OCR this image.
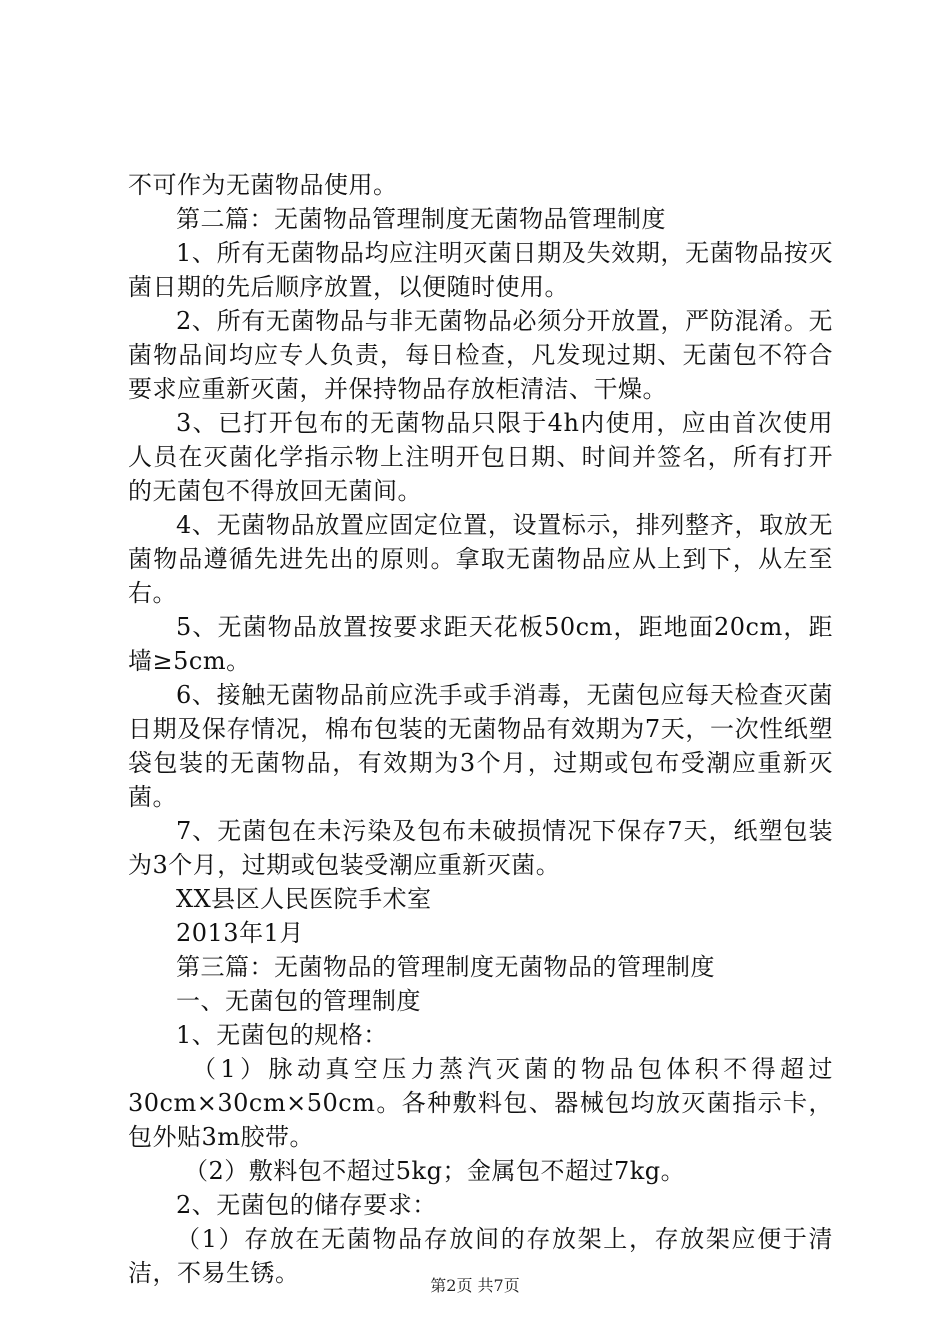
不可作为无菌物品使用。

第二篇：无菌物品管理制度无菌物品管理制度

1、所有无菌物品均应注明灭菌日期及失效期，无菌物品按灭菌日期的先后顺序放置，以便随时使用。

2、所有无菌物品与非无菌物品必须分开放置，严防混淆。无菌物品间均应专人负责，每日检查，凡发现过期、无菌包不符合要求应重新灭菌，并保持物品存放柜清洁、干燥。

3、已打开包布的无菌物品只限于4h内使用，应由首次使用人员在灭菌化学指示物上注明开包日期、时间并签名，所有打开的无菌包不得放回无菌间。

4、无菌物品放置应固定位置，设置标示，排列整齐，取放无菌物品遵循先进先出的原则。拿取无菌物品应从上到下，从左至右。

5、无菌物品放置按要求距天花板50cm，距地面20cm，距墙≥5cm。

6、接触无菌物品前应洗手或手消毒，无菌包应每天检查灭菌日期及保存情况，棉布包装的无菌物品有效期为7天，一次性纸塑袋包装的无菌物品，有效期为3个月，过期或包布受潮应重新灭菌。

7、无菌包在未污染及包布未破损情况下保存7天，纸塑包装为3个月，过期或包装受潮应重新灭菌。

XX县区人民医院手术室

2013年1月

第三篇：无菌物品的管理制度无菌物品的管理制度

一、无菌包的管理制度

1、无菌包的规格：

（1）脉动真空压力蒸汽灭菌的物品包体积不得超过30cm×30cm×50cm。各种敷料包、器械包均放灭菌指示卡，包外贴3m胶带。

（2）敷料包不超过5kg；金属包不超过7kg。

2、无菌包的储存要求：

（1）存放在无菌物品存放间的存放架上，存放架应便于清洁，不易生锈。	第2页 共7页
